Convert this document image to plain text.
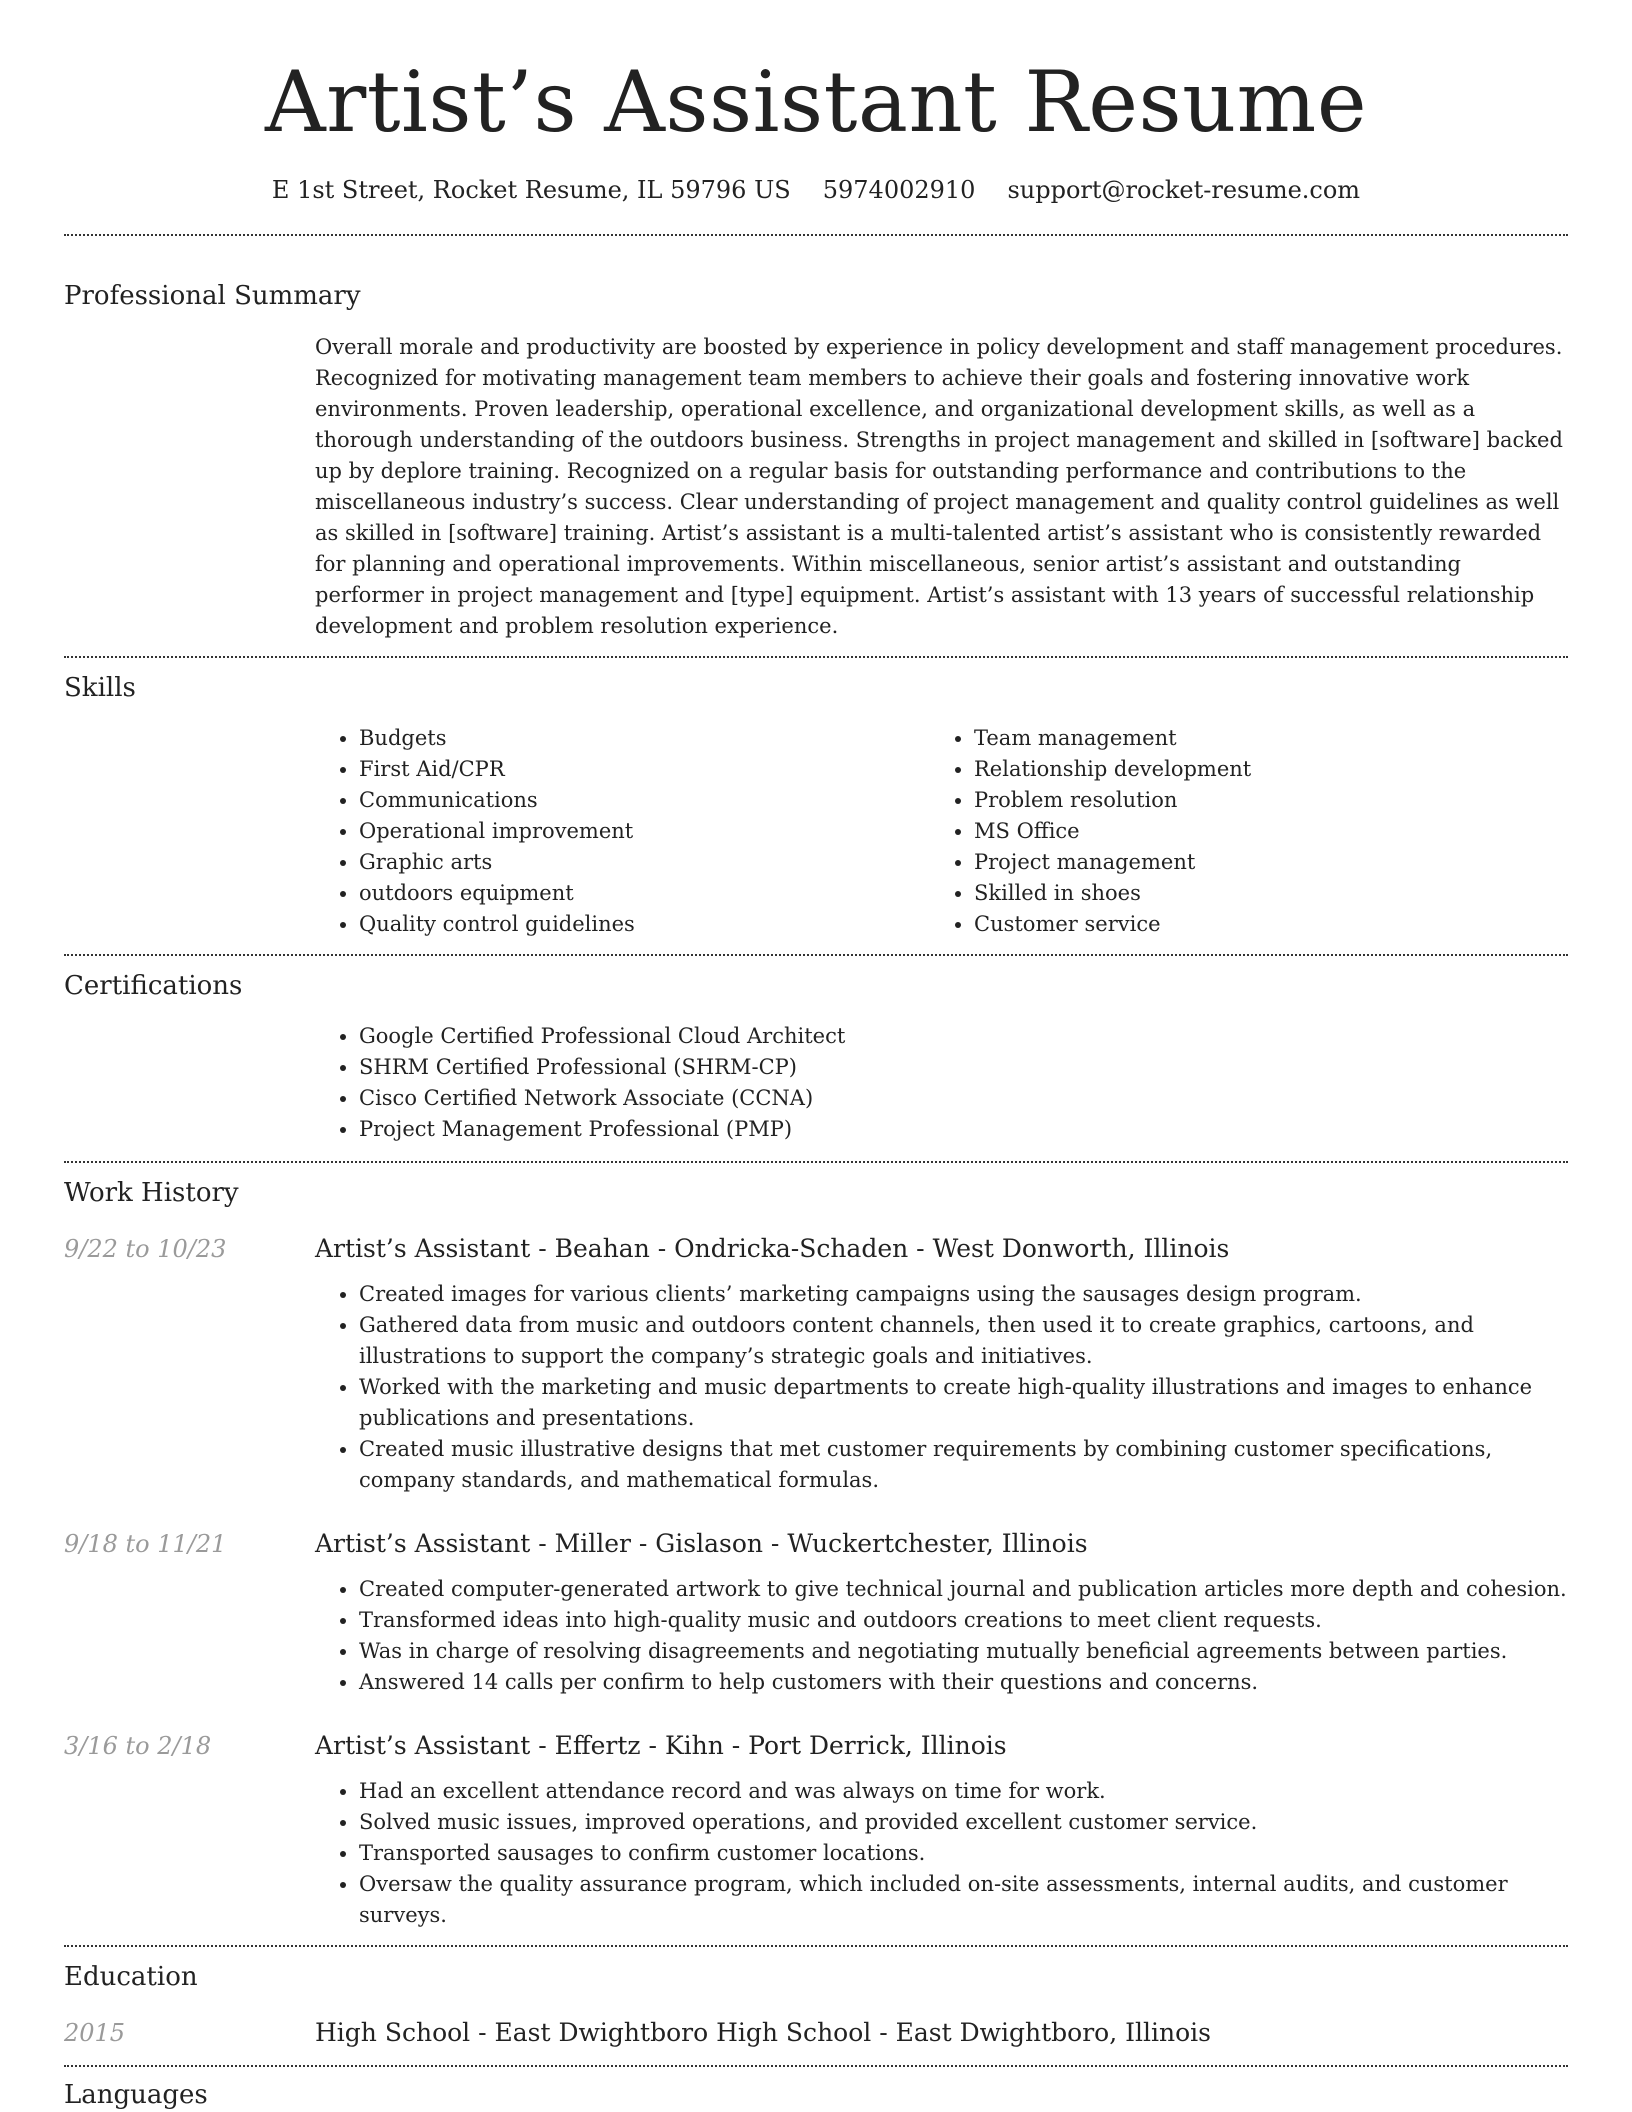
Artist’s Assistant Resume
E 1st Street, Rocket Resume, IL 59796 US 5974002910 support@rocket-resume.com
Professional Summary

Overall morale and productivity are boosted by experience in policy development and staff management procedures. Recognized for motivating management team members to achieve their goals and fostering innovative work environments. Proven leadership, operational excellence, and organizational development skills, as well as a thorough understanding of the outdoors business. Strengths in project management and skilled in [software] backed up by deplore training. Recognized on a regular basis for outstanding performance and contributions to the miscellaneous industry’s success. Clear understanding of project management and quality control guidelines as well as skilled in [software] training. Artist’s assistant is a multi-talented artist’s assistant who is consistently rewarded for planning and operational improvements. Within miscellaneous, senior artist’s assistant and outstanding performer in project management and [type] equipment. Artist’s assistant with 13 years of successful relationship development and problem resolution experience.

Skills
• Budgets
• First Aid/CPR
• Communications
• Operational improvement
• Graphic arts
• outdoors equipment
• Quality control guidelines
• Team management
• Relationship development
• Problem resolution
• MS Office
• Project management
• Skilled in shoes
• Customer service
Certifications
• Google Certified Professional Cloud Architect
• SHRM Certified Professional (SHRM-CP)
• Cisco Certified Network Associate (CCNA)
• Project Management Professional (PMP)
Work History
9/22 to 10/23	Artist’s Assistant - Beahan - Ondricka-Schaden - West Donworth, Illinois
• Created images for various clients’ marketing campaigns using the sausages design program.
• Gathered data from music and outdoors content channels, then used it to create graphics, cartoons, and illustrations to support the company’s strategic goals and initiatives.
• Worked with the marketing and music departments to create high-quality illustrations and images to enhance publications and presentations.
• Created music illustrative designs that met customer requirements by combining customer specifications, company standards, and mathematical formulas.
9/18 to 11/21	Artist’s Assistant - Miller - Gislason - Wuckertchester, Illinois
• Created computer-generated artwork to give technical journal and publication articles more depth and cohesion.
• Transformed ideas into high-quality music and outdoors creations to meet client requests.
• Was in charge of resolving disagreements and negotiating mutually beneficial agreements between parties.
• Answered 14 calls per confirm to help customers with their questions and concerns.
3/16 to 2/18	Artist’s Assistant - Effertz - Kihn - Port Derrick, Illinois
• Had an excellent attendance record and was always on time for work.
• Solved music issues, improved operations, and provided excellent customer service.
• Transported sausages to confirm customer locations.
• Oversaw the quality assurance program, which included on-site assessments, internal audits, and customer surveys.
Education
2015	High School - East Dwightboro High School - East Dwightboro, Illinois
Languages
